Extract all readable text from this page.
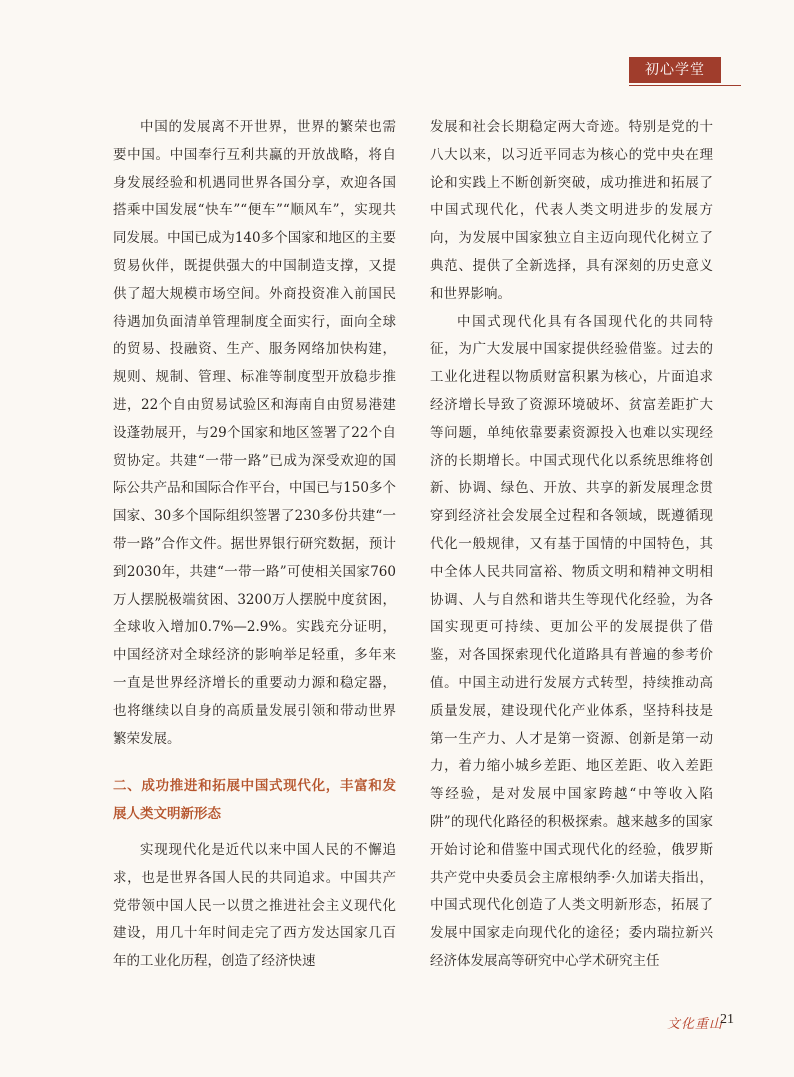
初心学堂

中国的发展离不开世界，世界的繁荣也需要中国。中国奉行互利共赢的开放战略，将自身发展经验和机遇同世界各国分享，欢迎各国搭乘中国发展“快车”“便车”“顺风车”，实现共同发展。中国已成为140多个国家和地区的主要贸易伙伴，既提供强大的中国制造支撑，又提供了超大规模市场空间。外商投资准入前国民待遇加负面清单管理制度全面实行，面向全球的贸易、投融资、生产、服务网络加快构建，规则、规制、管理、标准等制度型开放稳步推进，22个自由贸易试验区和海南自由贸易港建设蓬勃展开，与29个国家和地区签署了22个自贸协定。共建“一带一路”已成为深受欢迎的国际公共产品和国际合作平台，中国已与150多个国家、30多个国际组织签署了230多份共建“一带一路”合作文件。据世界银行研究数据，预计到2030年，共建“一带一路”可使相关国家760万人摆脱极端贫困、3200万人摆脱中度贫困，全球收入增加0.7%—2.9%。实践充分证明，中国经济对全球经济的影响举足轻重，多年来一直是世界经济增长的重要动力源和稳定器，也将继续以自身的高质量发展引领和带动世界繁荣发展。

二、成功推进和拓展中国式现代化，丰富和发展人类文明新形态

实现现代化是近代以来中国人民的不懈追求，也是世界各国人民的共同追求。中国共产党带领中国人民一以贯之推进社会主义现代化建设，用几十年时间走完了西方发达国家几百年的工业化历程，创造了经济快速

发展和社会长期稳定两大奇迹。特别是党的十八大以来，以习近平同志为核心的党中央在理论和实践上不断创新突破，成功推进和拓展了中国式现代化，代表人类文明进步的发展方向，为发展中国家独立自主迈向现代化树立了典范、提供了全新选择，具有深刻的历史意义和世界影响。

中国式现代化具有各国现代化的共同特征，为广大发展中国家提供经验借鉴。过去的工业化进程以物质财富积累为核心，片面追求经济增长导致了资源环境破坏、贫富差距扩大等问题，单纯依靠要素资源投入也难以实现经济的长期增长。中国式现代化以系统思维将创新、协调、绿色、开放、共享的新发展理念贯穿到经济社会发展全过程和各领域，既遵循现代化一般规律，又有基于国情的中国特色，其中全体人民共同富裕、物质文明和精神文明相协调、人与自然和谐共生等现代化经验，为各国实现更可持续、更加公平的发展提供了借鉴，对各国探索现代化道路具有普遍的参考价值。中国主动进行发展方式转型，持续推动高质量发展，建设现代化产业体系，坚持科技是第一生产力、人才是第一资源、创新是第一动力，着力缩小城乡差距、地区差距、收入差距等经验，是对发展中国家跨越“中等收入陷阱”的现代化路径的积极探索。越来越多的国家开始讨论和借鉴中国式现代化的经验，俄罗斯共产党中央委员会主席根纳季·久加诺夫指出，中国式现代化创造了人类文明新形态，拓展了发展中国家走向现代化的途径；委内瑞拉新兴经济体发展高等研究中心学术研究主任

文化重山
21
